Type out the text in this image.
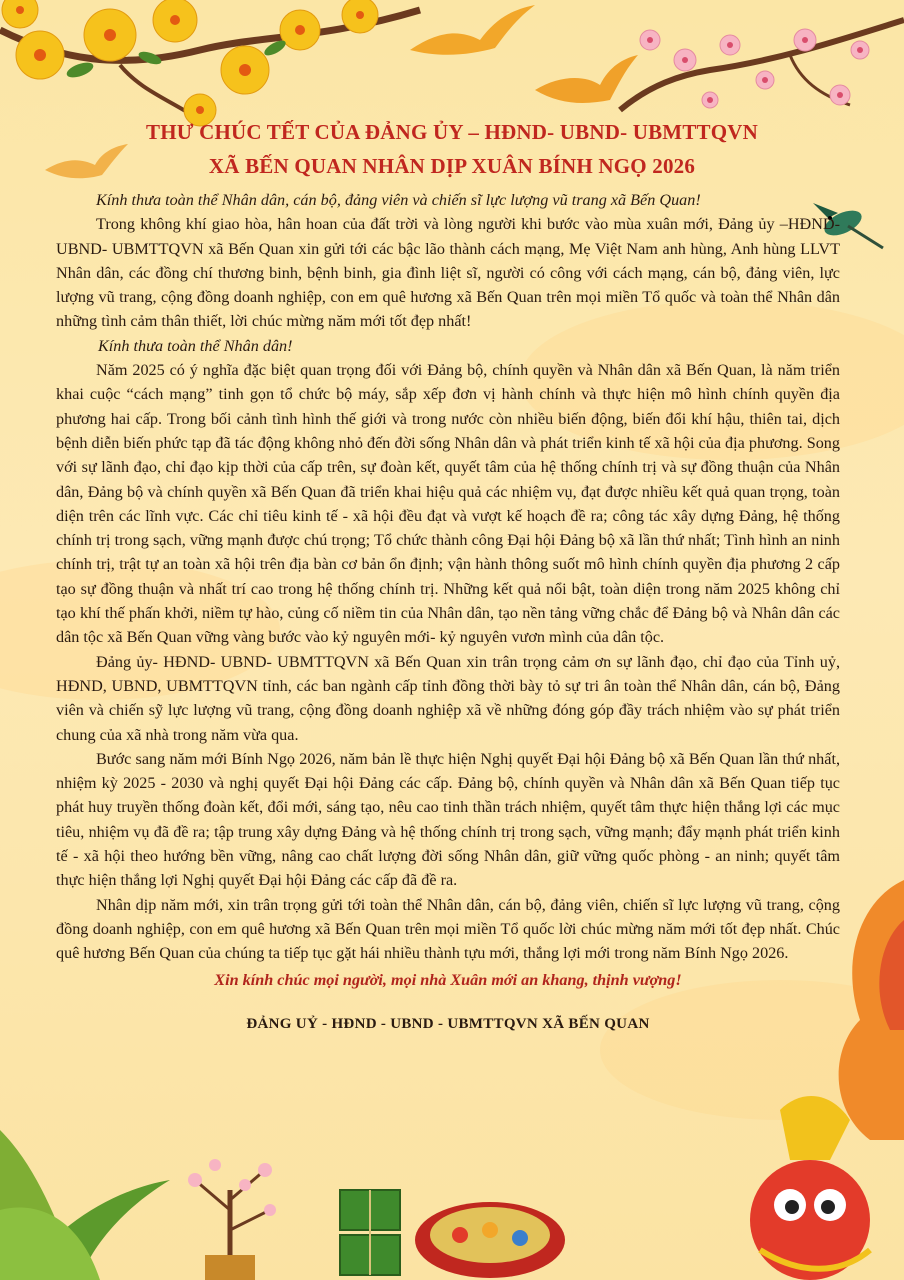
THƯ CHÚC TẾT CỦA ĐẢNG ỦY – HĐND- UBND- UBMTTQVN
XÃ BẾN QUAN NHÂN DỊP XUÂN BÍNH NGỌ 2026

Kính thưa toàn thể Nhân dân, cán bộ, đảng viên và chiến sĩ lực lượng vũ trang xã Bến Quan!

Trong không khí giao hòa, hân hoan của đất trời và lòng người khi bước vào mùa xuân mới, Đảng ủy –HĐND- UBND- UBMTTQVN xã Bến Quan xin gửi tới các bậc lão thành cách mạng, Mẹ Việt Nam anh hùng, Anh hùng LLVT Nhân dân, các đồng chí thương binh, bệnh binh, gia đình liệt sĩ, người có công với cách mạng, cán bộ, đảng viên, lực lượng vũ trang, cộng đồng doanh nghiệp, con em quê hương xã Bến Quan trên mọi miền Tổ quốc và toàn thể Nhân dân những tình cảm thân thiết, lời chúc mừng năm mới tốt đẹp nhất!

Kính thưa toàn thể Nhân dân!

Năm 2025 có ý nghĩa đặc biệt quan trọng đối với Đảng bộ, chính quyền và Nhân dân xã Bến Quan, là năm triển khai cuộc “cách mạng” tinh gọn tổ chức bộ máy, sắp xếp đơn vị hành chính và thực hiện mô hình chính quyền địa phương hai cấp. Trong bối cảnh tình hình thế giới và trong nước còn nhiều biến động, biến đổi khí hậu, thiên tai, dịch bệnh diễn biến phức tạp đã tác động không nhỏ đến đời sống Nhân dân và phát triển kinh tế xã hội của địa phương. Song với sự lãnh đạo, chỉ đạo kịp thời của cấp trên, sự đoàn kết, quyết tâm của hệ thống chính trị và sự đồng thuận của Nhân dân, Đảng bộ và chính quyền xã Bến Quan đã triển khai hiệu quả các nhiệm vụ, đạt được nhiều kết quả quan trọng, toàn diện trên các lĩnh vực. Các chỉ tiêu kinh tế - xã hội đều đạt và vượt kế hoạch đề ra; công tác xây dựng Đảng, hệ thống chính trị trong sạch, vững mạnh được chú trọng; Tổ chức thành công Đại hội Đảng bộ xã lần thứ nhất; Tình hình an ninh chính trị, trật tự an toàn xã hội trên địa bàn cơ bản ổn định; vận hành thông suốt mô hình chính quyền địa phương 2 cấp tạo sự đồng thuận và nhất trí cao trong hệ thống chính trị. Những kết quả nổi bật, toàn diện trong năm 2025 không chỉ tạo khí thế phấn khởi, niềm tự hào, củng cố niềm tin của Nhân dân, tạo nền tảng vững chắc để Đảng bộ và Nhân dân các dân tộc xã Bến Quan vững vàng bước vào kỷ nguyên mới- kỷ nguyên vươn mình của dân tộc.

Đảng ủy- HĐND- UBND- UBMTTQVN xã Bến Quan xin trân trọng cảm ơn sự lãnh đạo, chỉ đạo của Tỉnh uỷ, HĐND, UBND, UBMTTQVN tỉnh, các ban ngành cấp tỉnh đồng thời bày tỏ sự tri ân toàn thể Nhân dân, cán bộ, Đảng viên và chiến sỹ lực lượng vũ trang, cộng đồng doanh nghiệp xã về những đóng góp đầy trách nhiệm vào sự phát triển chung của xã nhà trong năm vừa qua.

Bước sang năm mới Bính Ngọ 2026, năm bản lề thực hiện Nghị quyết Đại hội Đảng bộ xã Bến Quan lần thứ nhất, nhiệm kỳ 2025 - 2030 và nghị quyết Đại hội Đảng các cấp. Đảng bộ, chính quyền và Nhân dân xã Bến Quan tiếp tục phát huy truyền thống đoàn kết, đổi mới, sáng tạo, nêu cao tinh thần trách nhiệm, quyết tâm thực hiện thắng lợi các mục tiêu, nhiệm vụ đã đề ra; tập trung xây dựng Đảng và hệ thống chính trị trong sạch, vững mạnh; đẩy mạnh phát triển kinh tế - xã hội theo hướng bền vững, nâng cao chất lượng đời sống Nhân dân, giữ vững quốc phòng - an ninh; quyết tâm thực hiện thắng lợi Nghị quyết Đại hội Đảng các cấp đã đề ra.

Nhân dịp năm mới, xin trân trọng gửi tới toàn thể Nhân dân, cán bộ, đảng viên, chiến sĩ lực lượng vũ trang, cộng đồng doanh nghiệp, con em quê hương xã Bến Quan trên mọi miền Tổ quốc lời chúc mừng năm mới tốt đẹp nhất. Chúc quê hương Bến Quan của chúng ta tiếp tục gặt hái nhiều thành tựu mới, thắng lợi mới trong năm Bính Ngọ 2026.

Xin kính chúc mọi người, mọi nhà Xuân mới an khang, thịnh vượng!

ĐẢNG UỶ - HĐND - UBND - UBMTTQVN XÃ BẾN QUAN
